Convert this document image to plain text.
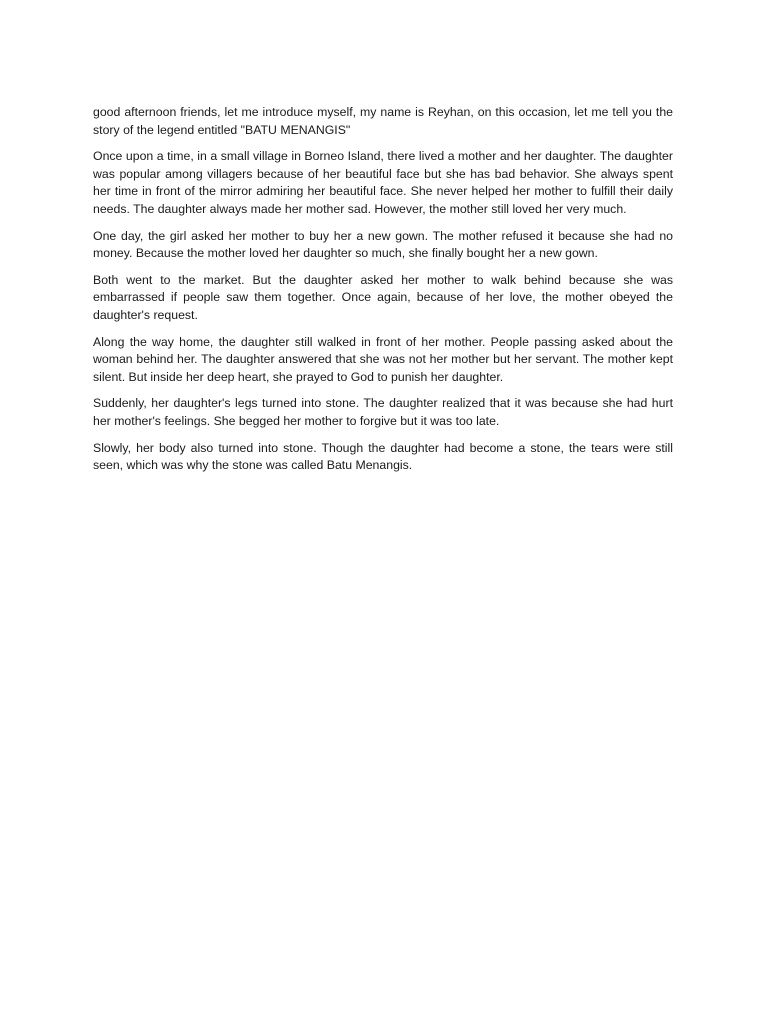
good afternoon friends, let me introduce myself, my name is Reyhan, on this occasion, let me tell you the story of the legend entitled "BATU MENANGIS"

Once upon a time, in a small village in Borneo Island, there lived a mother and her daughter. The daughter was popular among villagers because of her beautiful face but she has bad behavior. She always spent her time in front of the mirror admiring her beautiful face. She never helped her mother to fulfill their daily needs. The daughter always made her mother sad. However, the mother still loved her very much.

One day, the girl asked her mother to buy her a new gown. The mother refused it because she had no money. Because the mother loved her daughter so much, she finally bought her a new gown.

Both went to the market. But the daughter asked her mother to walk behind because she was embarrassed if people saw them together. Once again, because of her love, the mother obeyed the daughter's request.

Along the way home, the daughter still walked in front of her mother. People passing asked about the woman behind her. The daughter answered that she was not her mother but her servant. The mother kept silent. But inside her deep heart, she prayed to God to punish her daughter.

Suddenly, her daughter's legs turned into stone. The daughter realized that it was because she had hurt her mother's feelings. She begged her mother to forgive but it was too late.

Slowly, her body also turned into stone. Though the daughter had become a stone, the tears were still seen, which was why the stone was called Batu Menangis.
